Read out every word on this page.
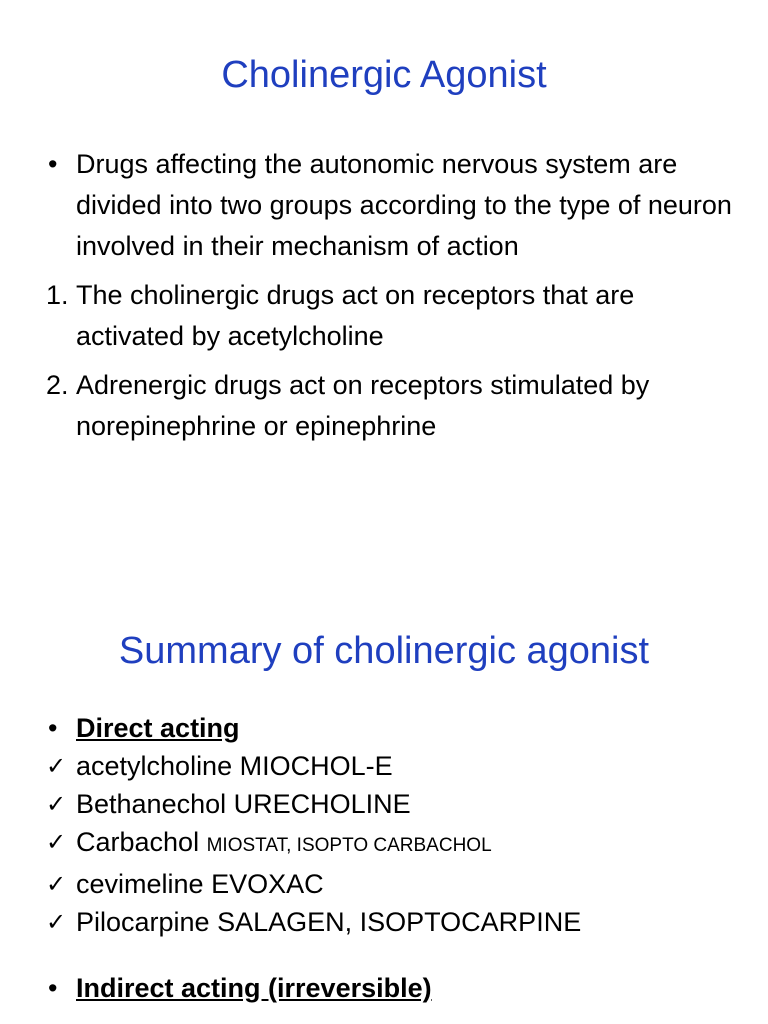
Cholinergic Agonist
• Drugs affecting the autonomic nervous system are divided into two groups according to the type of neuron involved in their mechanism of action
1. The cholinergic drugs act on receptors that are activated by acetylcholine
2. Adrenergic drugs act on receptors stimulated by norepinephrine or epinephrine
Summary of cholinergic agonist
• Direct acting
✓ acetylcholine MIOCHOL-E
✓ Bethanechol URECHOLINE
✓ Carbachol MIOSTAT, ISOPTO CARBACHOL
✓ cevimeline EVOXAC
✓ Pilocarpine SALAGEN, ISOPTOCARPINE
• Indirect acting (irreversible)
